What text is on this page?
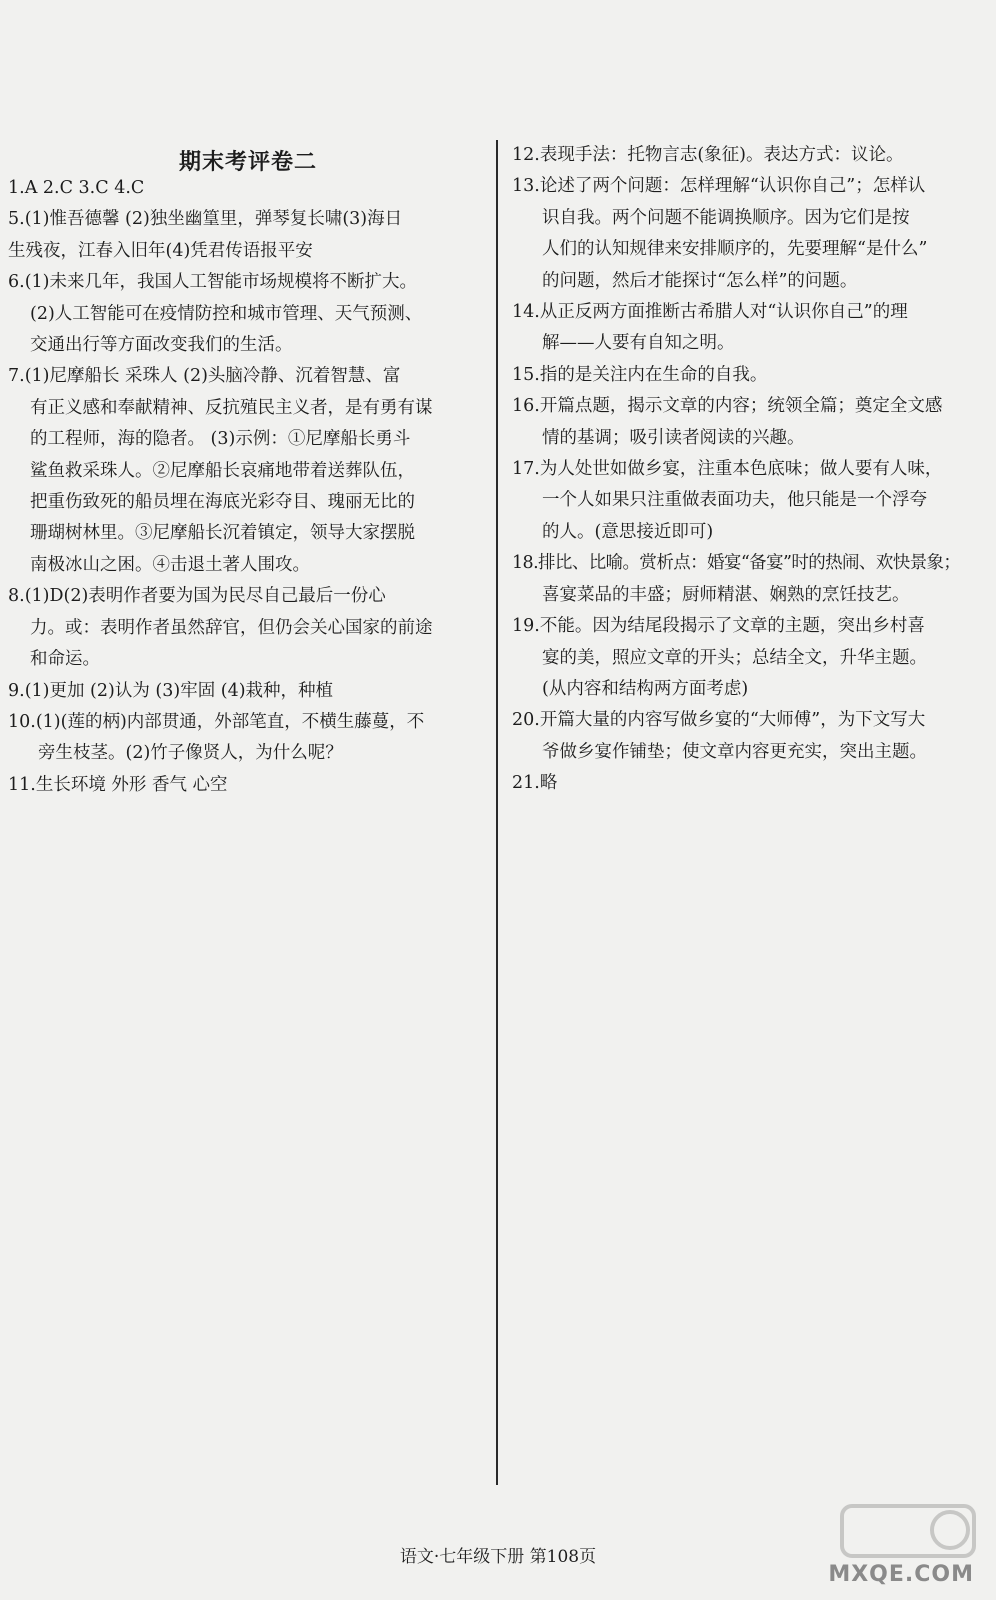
期末考评卷二
1.A 2.C 3.C 4.C
5.(1)惟吾德馨 (2)独坐幽篁里，弹琴复长啸(3)海日
生残夜，江春入旧年(4)凭君传语报平安
6.(1)未来几年，我国人工智能市场规模将不断扩大。
(2)人工智能可在疫情防控和城市管理、天气预测、
交通出行等方面改变我们的生活。
7.(1)尼摩船长 采珠人 (2)头脑冷静、沉着智慧、富
有正义感和奉献精神、反抗殖民主义者，是有勇有谋
的工程师，海的隐者。 (3)示例：①尼摩船长勇斗
鲨鱼救采珠人。②尼摩船长哀痛地带着送葬队伍，
把重伤致死的船员埋在海底光彩夺目、瑰丽无比的
珊瑚树林里。③尼摩船长沉着镇定，领导大家摆脱
南极冰山之困。④击退土著人围攻。
8.(1)D(2)表明作者要为国为民尽自己最后一份心
力。或：表明作者虽然辞官，但仍会关心国家的前途
和命运。
9.(1)更加 (2)认为 (3)牢固 (4)栽种，种植
10.(1)(莲的柄)内部贯通，外部笔直，不横生藤蔓，不
旁生枝茎。(2)竹子像贤人，为什么呢？
11.生长环境 外形 香气 心空
12.表现手法：托物言志(象征)。表达方式：议论。
13.论述了两个问题：怎样理解“认识你自己”；怎样认
识自我。两个问题不能调换顺序。因为它们是按
人们的认知规律来安排顺序的，先要理解“是什么”
的问题，然后才能探讨“怎么样”的问题。
14.从正反两方面推断古希腊人对“认识你自己”的理
解——人要有自知之明。
15.指的是关注内在生命的自我。
16.开篇点题，揭示文章的内容；统领全篇；奠定全文感
情的基调；吸引读者阅读的兴趣。
17.为人处世如做乡宴，注重本色底味；做人要有人味，
一个人如果只注重做表面功夫，他只能是一个浮夸
的人。(意思接近即可)
18.排比、比喻。赏析点：婚宴“备宴”时的热闹、欢快景象；
喜宴菜品的丰盛；厨师精湛、娴熟的烹饪技艺。
19.不能。因为结尾段揭示了文章的主题，突出乡村喜
宴的美，照应文章的开头；总结全文，升华主题。
(从内容和结构两方面考虑)
20.开篇大量的内容写做乡宴的“大师傅”，为下文写大
爷做乡宴作铺垫；使文章内容更充实，突出主题。
21.略
语文·七年级下册 第108页
MXQE.COM
